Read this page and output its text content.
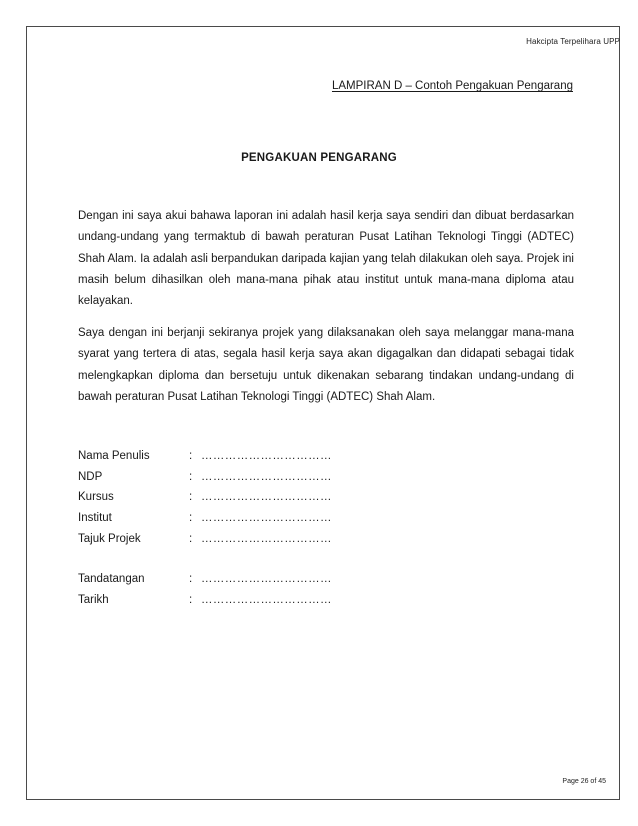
Hakcipta Terpelihara UPP
LAMPIRAN D – Contoh Pengakuan Pengarang
PENGAKUAN PENGARANG
Dengan ini saya akui bahawa laporan ini adalah hasil kerja saya sendiri dan dibuat berdasarkan undang-undang yang termaktub di bawah peraturan Pusat Latihan Teknologi Tinggi (ADTEC) Shah Alam. Ia adalah asli berpandukan daripada kajian yang telah dilakukan oleh saya. Projek ini masih belum dihasilkan oleh mana-mana pihak atau institut untuk mana-mana diploma atau kelayakan.
Saya dengan ini berjanji sekiranya projek yang dilaksanakan oleh saya melanggar mana-mana syarat yang tertera di atas, segala hasil kerja saya akan digagalkan dan didapati sebagai tidak melengkapkan diploma dan bersetuju untuk dikenakan sebarang tindakan undang-undang di bawah peraturan Pusat Latihan Teknologi Tinggi (ADTEC) Shah Alam.
Nama Penulis	: ……………………………
NDP	: ……………………………
Kursus	: ……………………………
Institut	: ……………………………
Tajuk Projek	: ……………………………
Tandatangan	: ……………………………
Tarikh	: ……………………………
Page 26 of 45
